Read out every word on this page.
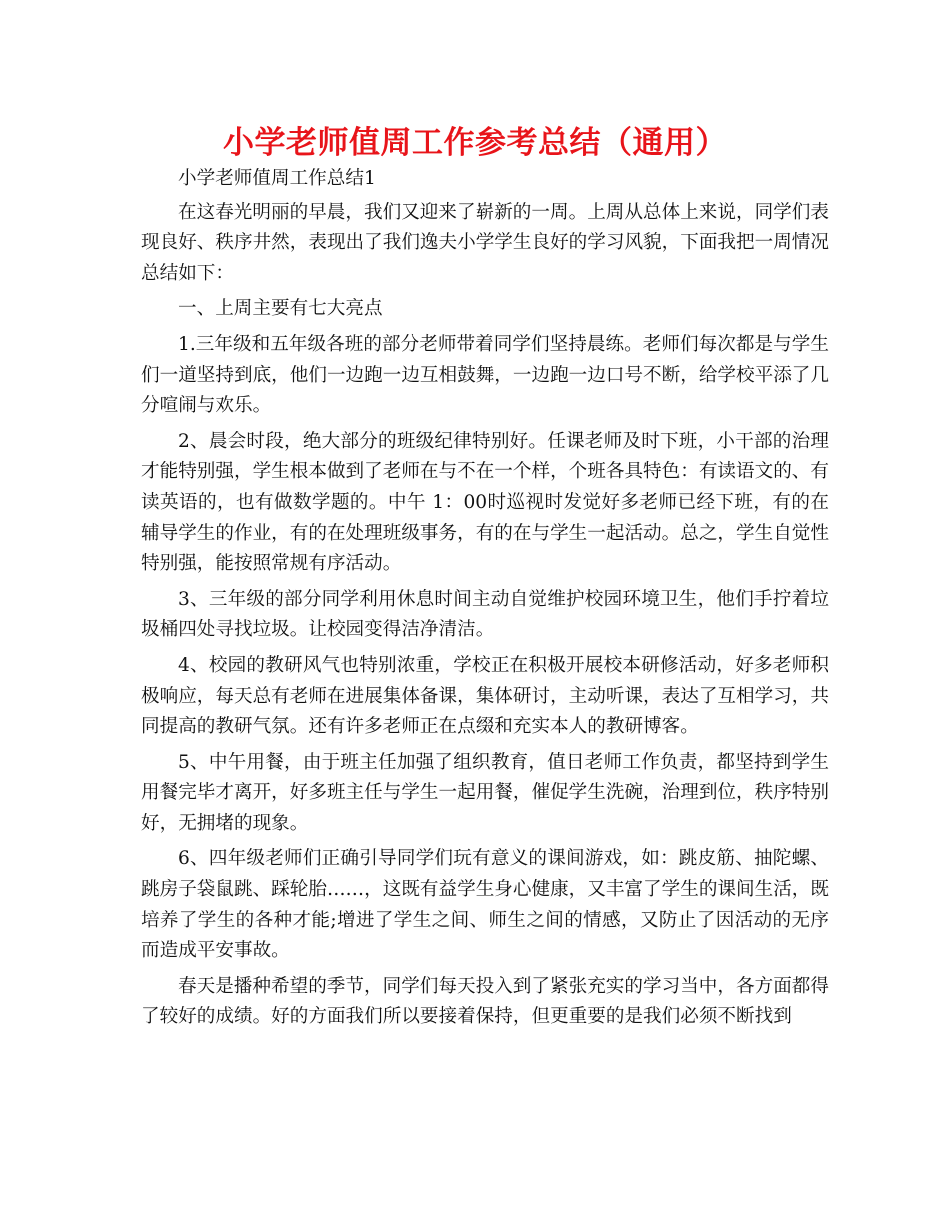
小学老师值周工作参考总结（通用）

小学老师值周工作总结1

在这春光明丽的早晨，我们又迎来了崭新的一周。上周从总体上来说，同学们表现良好、秩序井然，表现出了我们逸夫小学学生良好的学习风貌，下面我把一周情况总结如下：

一、上周主要有七大亮点

1.三年级和五年级各班的部分老师带着同学们坚持晨练。老师们每次都是与学生们一道坚持到底，他们一边跑一边互相鼓舞，一边跑一边口号不断，给学校平添了几分喧闹与欢乐。

2、晨会时段，绝大部分的班级纪律特别好。任课老师及时下班，小干部的治理才能特别强，学生根本做到了老师在与不在一个样，个班各具特色：有读语文的、有读英语的，也有做数学题的。中午 1：00时巡视时发觉好多老师已经下班，有的在辅导学生的作业，有的在处理班级事务，有的在与学生一起活动。总之，学生自觉性特别强，能按照常规有序活动。

3、三年级的部分同学利用休息时间主动自觉维护校园环境卫生，他们手拧着垃圾桶四处寻找垃圾。让校园变得洁净清洁。

4、校园的教研风气也特别浓重，学校正在积极开展校本研修活动，好多老师积极响应，每天总有老师在进展集体备课，集体研讨，主动听课，表达了互相学习，共同提高的教研气氛。还有许多老师正在点缀和充实本人的教研博客。

5、中午用餐，由于班主任加强了组织教育，值日老师工作负责，都坚持到学生用餐完毕才离开，好多班主任与学生一起用餐，催促学生洗碗，治理到位，秩序特别好，无拥堵的现象。

6、四年级老师们正确引导同学们玩有意义的课间游戏，如：跳皮筋、抽陀螺、跳房子袋鼠跳、踩轮胎……，这既有益学生身心健康，又丰富了学生的课间生活，既培养了学生的各种才能;增进了学生之间、师生之间的情感，又防止了因活动的无序而造成平安事故。

春天是播种希望的季节，同学们每天投入到了紧张充实的学习当中，各方面都得了较好的成绩。好的方面我们所以要接着保持，但更重要的是我们必须不断找到
